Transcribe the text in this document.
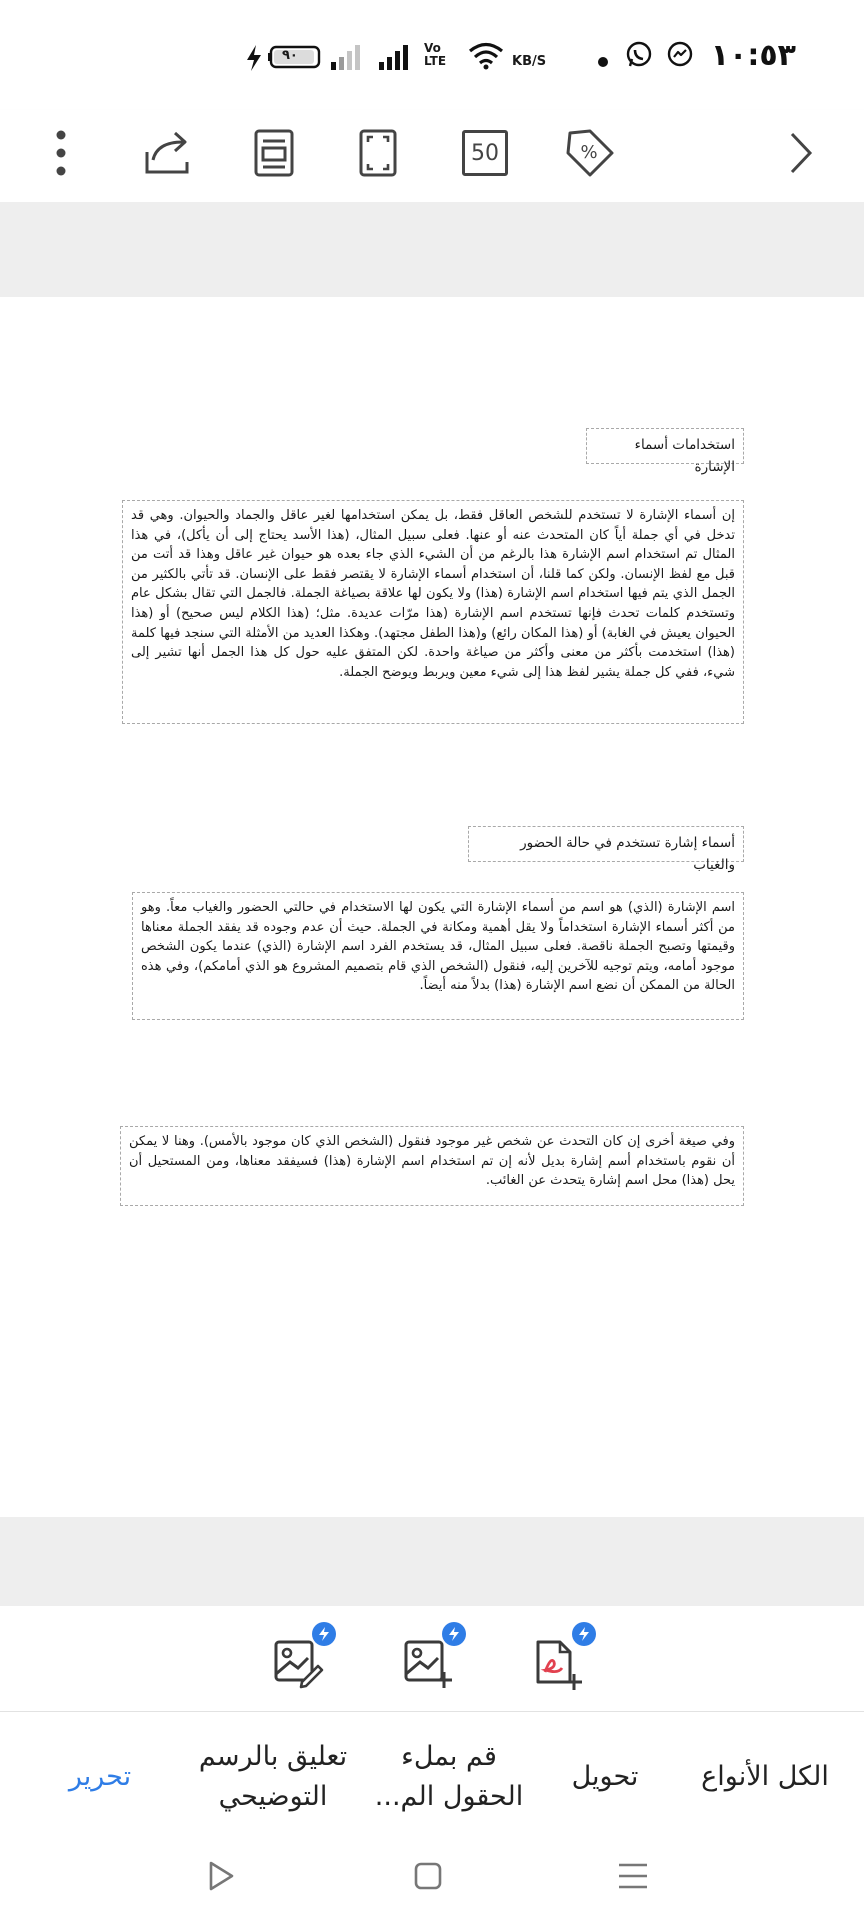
١٠:٥٣
KB/S
Vo LTE
٩٠
50	%
استخدامات أسماء الإشارة
إن أسماء الإشارة لا تستخدم للشخص العاقل فقط، بل يمكن استخدامها لغير عاقل والجماد والحيوان. وهي قد تدخل في أي جملة أياً كان المتحدث عنه أو عنها. فعلى سبيل المثال، (هذا الأسد يحتاج إلى أن يأكل)، في هذا المثال تم استخدام اسم الإشارة هذا بالرغم من أن الشيء الذي جاء بعده هو حيوان غير عاقل وهذا قد أتت من قبل مع لفظ الإنسان. ولكن كما قلنا، أن استخدام أسماء الإشارة لا يقتصر فقط على الإنسان. قد تأتي بالكثير من الجمل الذي يتم فيها استخدام اسم الإشارة (هذا) ولا يكون لها علاقة بصياغة الجملة. فالجمل التي تقال بشكل عام وتستخدم كلمات تحدث فإنها تستخدم اسم الإشارة (هذا مرّات عديدة. مثل؛ (هذا الكلام ليس صحيح) أو (هذا الحيوان يعيش في الغابة) أو (هذا المكان رائع) و(هذا الطفل مجتهد). وهكذا العديد من الأمثلة التي سنجد فيها كلمة (هذا) استخدمت بأكثر من معنى وأكثر من صياغة واحدة. لكن المتفق عليه حول كل هذا الجمل أنها تشير إلى شيء، ففي كل جملة يشير لفظ هذا إلى شيء معين ويربط ويوضح الجملة.
أسماء إشارة تستخدم في حالة الحضور والغياب
اسم الإشارة (الذي) هو اسم من أسماء الإشارة التي يكون لها الاستخدام في حالتي الحضور والغياب معاً. وهو من أكثر أسماء الإشارة استخداماً ولا يقل أهمية ومكانة في الجملة. حيث أن عدم وجوده قد يفقد الجملة معناها وقيمتها وتصبح الجملة ناقصة. فعلى سبيل المثال، قد يستخدم الفرد اسم الإشارة (الذي) عندما يكون الشخص موجود أمامه، ويتم توجيه للآخرين إليه، فنقول (الشخص الذي قام بتصميم المشروع هو الذي أمامكم)، وفي هذه الحالة من الممكن أن نضع اسم الإشارة (هذا) بدلاً منه أيضاً.
وفي صيغة أخرى إن كان التحدث عن شخص غير موجود فنقول (الشخص الذي كان موجود بالأمس). وهنا لا يمكن أن نقوم باستخدام أسم إشارة بديل لأنه إن تم استخدام اسم الإشارة (هذا) فسيفقد معناها، ومن المستحيل أن يحل (هذا) محل اسم إشارة يتحدث عن الغائب.
الكل الأنواع
تحويل
قم بملء
الحقول الم...
تعليق بالرسم
التوضيحي
تحرير
